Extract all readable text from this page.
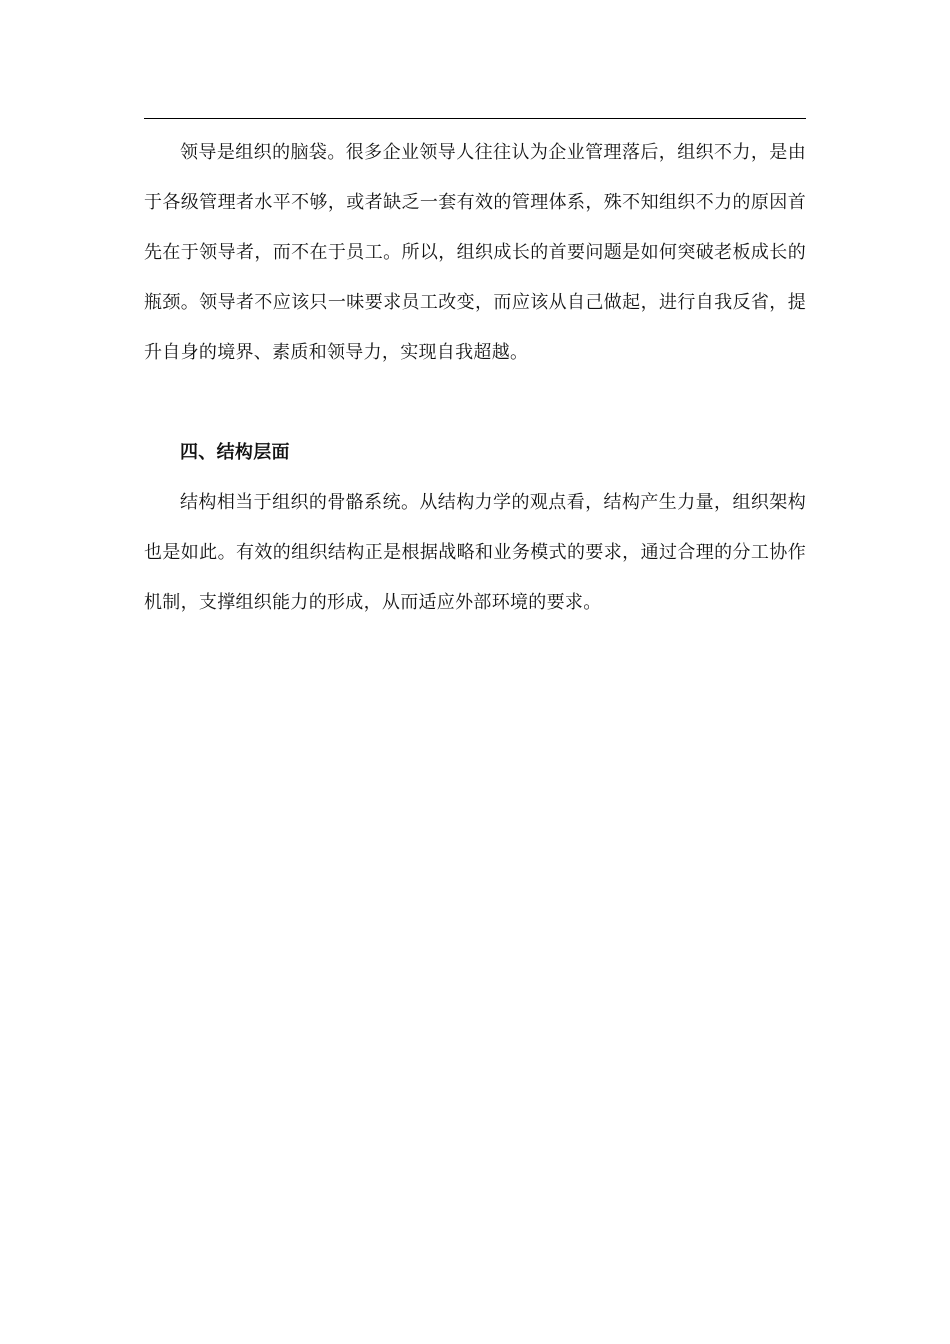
领导是组织的脑袋。很多企业领导人往往认为企业管理落后，组织不力，是由于各级管理者水平不够，或者缺乏一套有效的管理体系，殊不知组织不力的原因首先在于领导者，而不在于员工。所以，组织成长的首要问题是如何突破老板成长的瓶颈。领导者不应该只一味要求员工改变，而应该从自己做起，进行自我反省，提升自身的境界、素质和领导力，实现自我超越。

四、结构层面

结构相当于组织的骨骼系统。从结构力学的观点看，结构产生力量，组织架构也是如此。有效的组织结构正是根据战略和业务模式的要求，通过合理的分工协作机制，支撑组织能力的形成，从而适应外部环境的要求。
